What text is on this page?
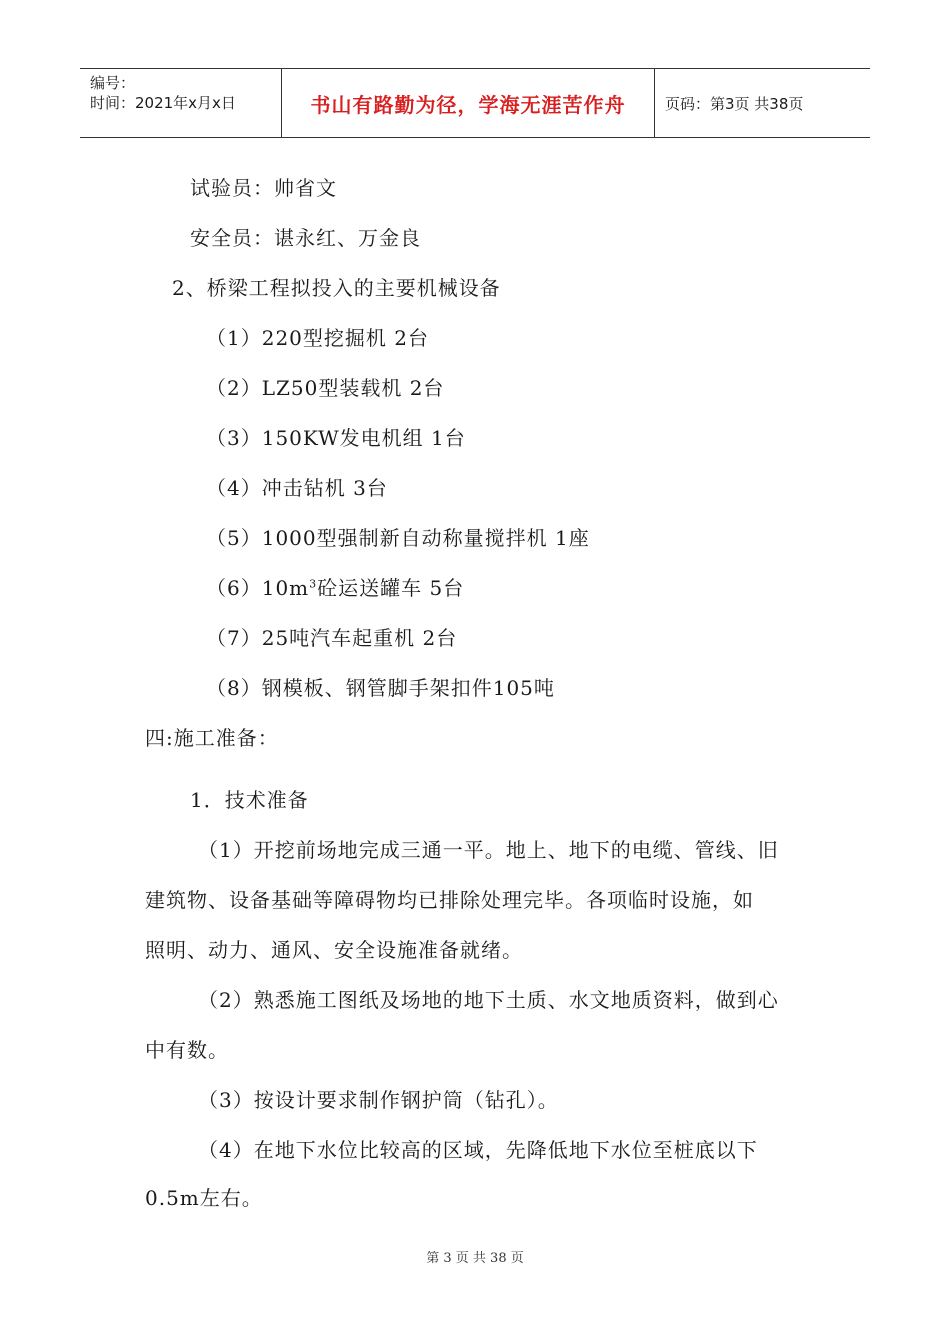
编号：
时间：2021年x月x日	书山有路勤为径，学海无涯苦作舟	页码：第3页 共38页
试验员：帅省文
安全员：谌永红、万金良
2、桥梁工程拟投入的主要机械设备
（1）220型挖掘机 2台
（2）LZ50型装载机 2台
（3）150KW发电机组 1台
（4）冲击钻机 3台
（5）1000型强制新自动称量搅拌机 1座
$(6)10m^3$砼运送罐车 5台
（7）25吨汽车起重机 2台
（8）钢模板、钢管脚手架扣件105吨
四:施工准备：
1．技术准备
（1）开挖前场地完成三通一平。地上、地下的电缆、管线、旧
建筑物、设备基础等障碍物均已排除处理完毕。各项临时设施，如
照明、动力、通风、安全设施准备就绪。
（2）熟悉施工图纸及场地的地下土质、水文地质资料，做到心
中有数。
（3）按设计要求制作钢护筒（钻孔）。
（4）在地下水位比较高的区域，先降低地下水位至桩底以下
0.5m左右。
第 3 页 共 38 页
